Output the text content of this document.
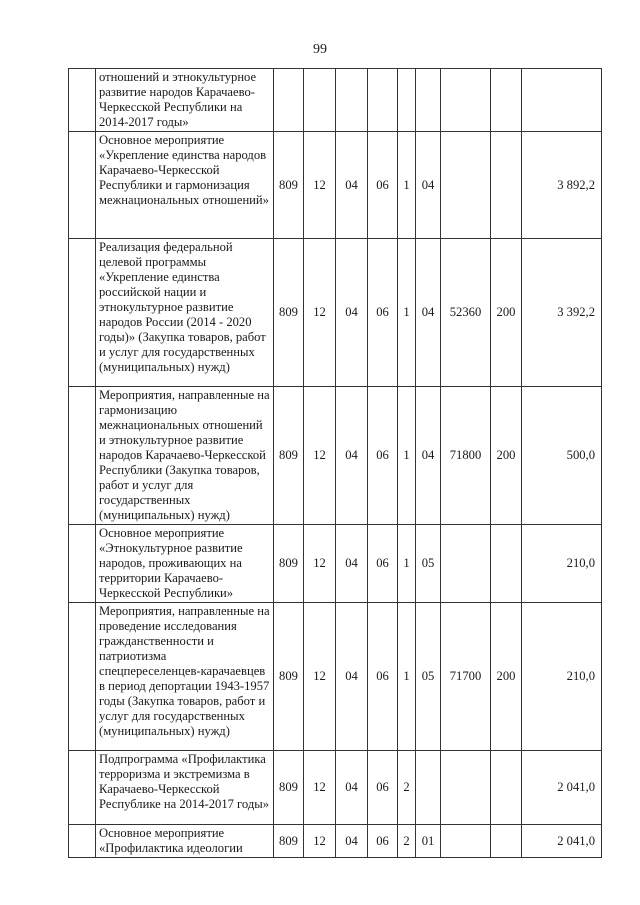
99
	отношений и этнокультурное развитие народов Карачаево-Черкесской Республики на 2014-2017 годы»									
	Основное мероприятие «Укрепление единства народов Карачаево-Черкесской Республики и гармонизация межнациональных отношений»	809	12	04	06	1	04			3 892,2
	Реализация федеральной целевой программы «Укрепление единства российской нации и этнокультурное развитие народов России (2014 - 2020 годы)» (Закупка товаров, работ и услуг для государственных (муниципальных) нужд)	809	12	04	06	1	04	52360	200	3 392,2
	Мероприятия, направленные на гармонизацию межнациональных отношений и этнокультурное развитие народов Карачаево-Черкесской Республики (Закупка товаров, работ и услуг для государственных (муниципальных) нужд)	809	12	04	06	1	04	71800	200	500,0
	Основное мероприятие «Этнокультурное развитие народов, проживающих на территории Карачаево-Черкесской Республики»	809	12	04	06	1	05			210,0
	Мероприятия, направленные на проведение исследования гражданственности и патриотизма спецпереселенцев-карачаевцев в период депортации 1943-1957 годы (Закупка товаров, работ и услуг для государственных (муниципальных) нужд)	809	12	04	06	1	05	71700	200	210,0
	Подпрограмма «Профилактика терроризма и экстремизма в Карачаево-Черкесской Республике на 2014-2017 годы»	809	12	04	06	2				2 041,0
	Основное мероприятие «Профилактика идеологии	809	12	04	06	2	01			2 041,0
